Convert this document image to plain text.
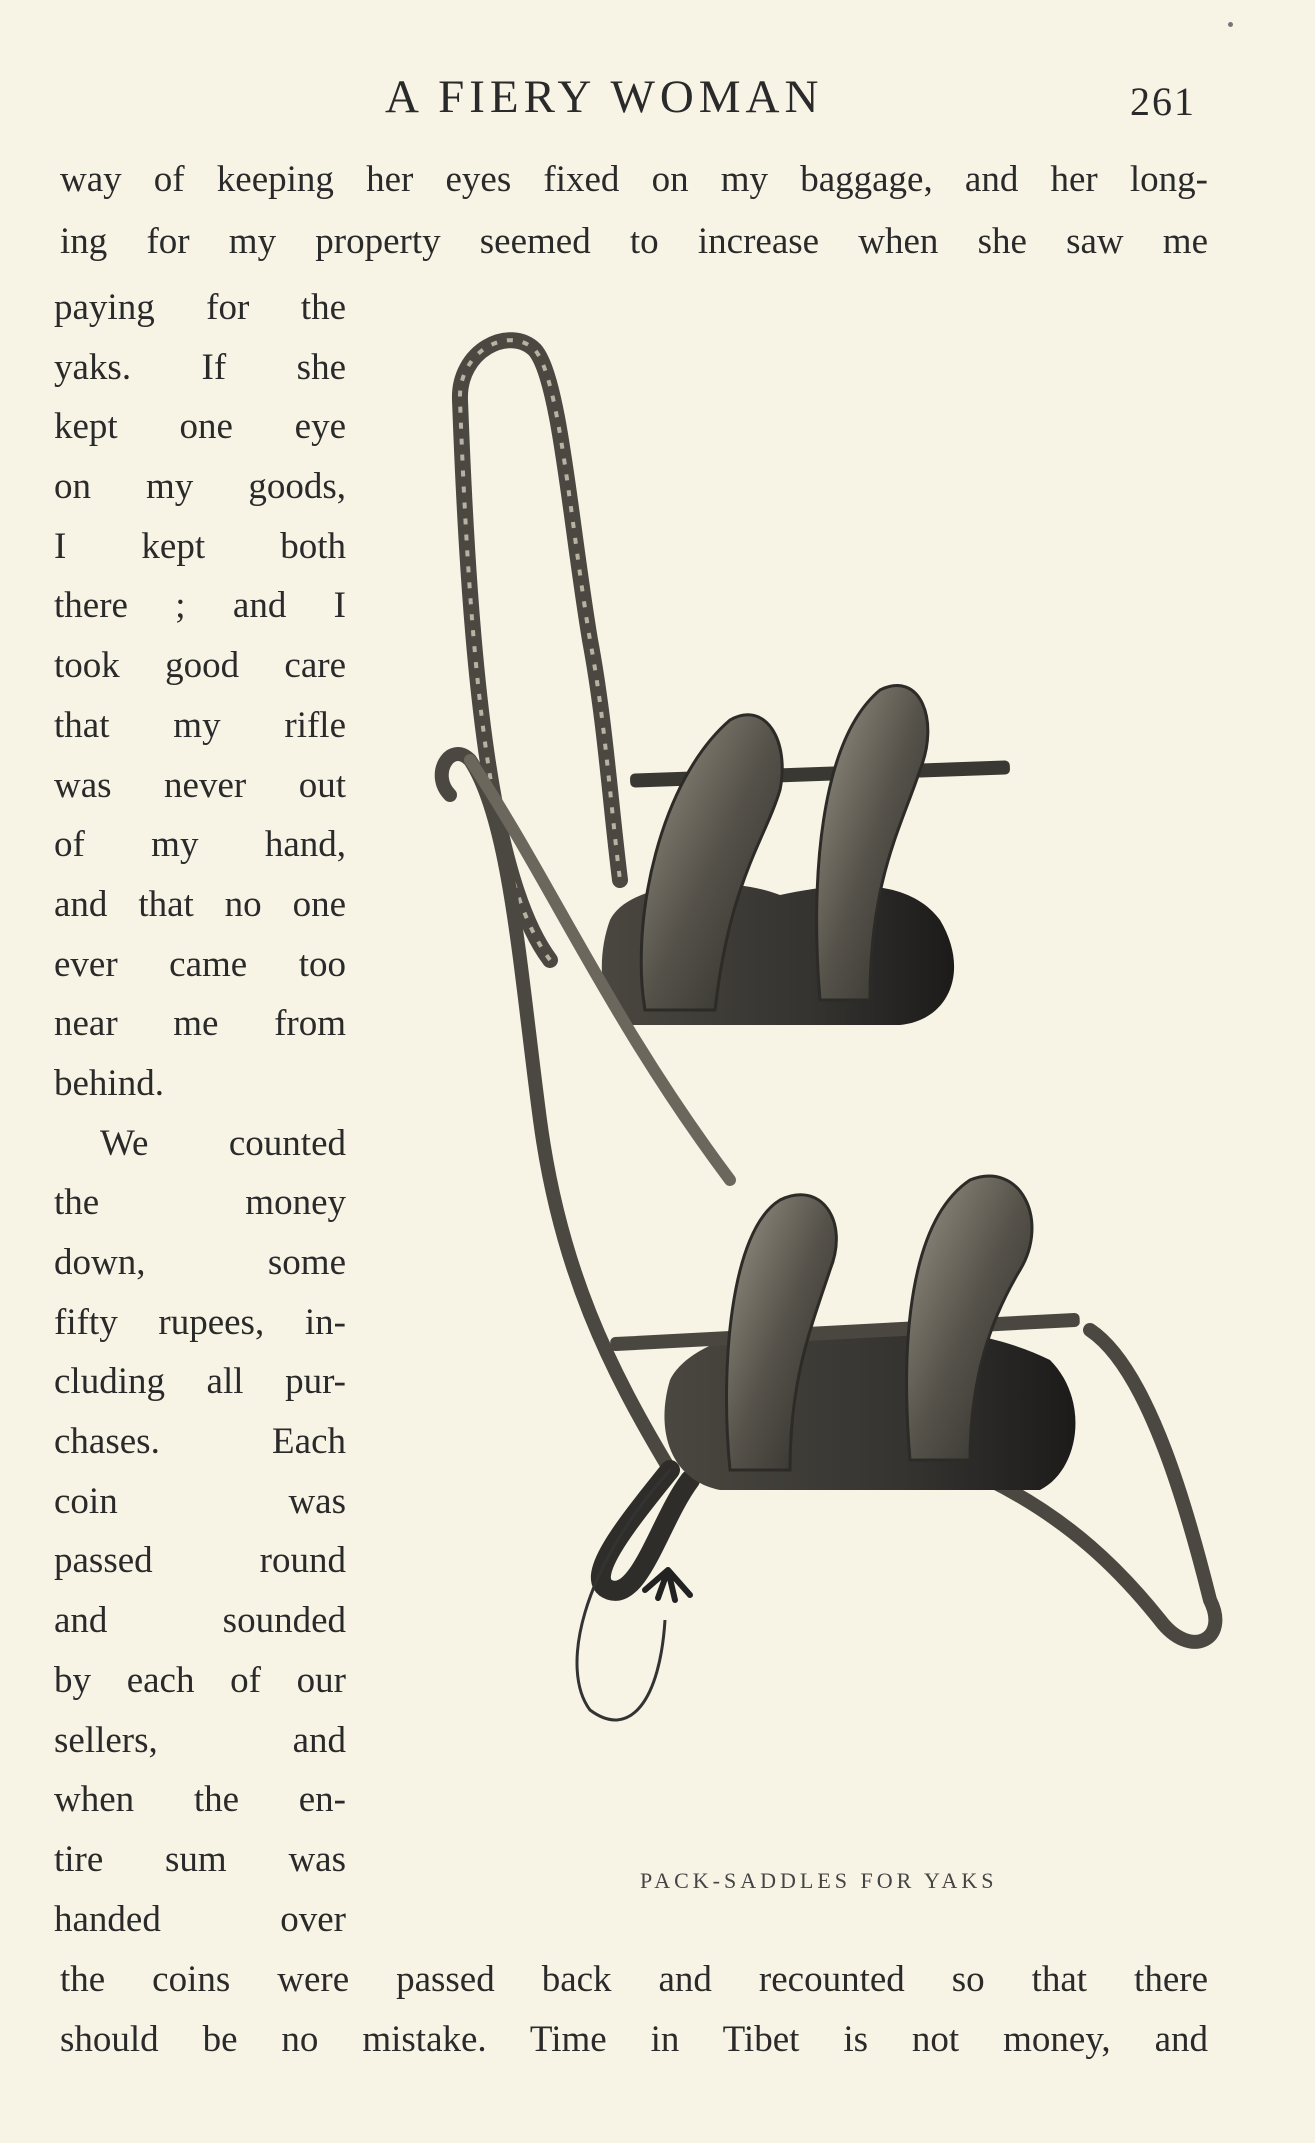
A FIERY WOMAN	261
way of keeping her eyes fixed on my baggage, and her long-
ing for my property seemed to increase when she saw me
paying for the
yaks. If she
kept one eye
on my goods,
I kept both
there ; and I
took good care
that my rifle
was never out
of my hand,
and that no one
ever came too
near me from
behind.
We counted
the money
down, some
fifty rupees, in-
cluding all pur-
chases. Each
coin was
passed round
and sounded
by each of our
sellers, and
when the en-
tire sum was
handed over
PACK-SADDLES FOR YAKS
the coins were passed back and recounted so that there
should be no mistake. Time in Tibet is not money, and
